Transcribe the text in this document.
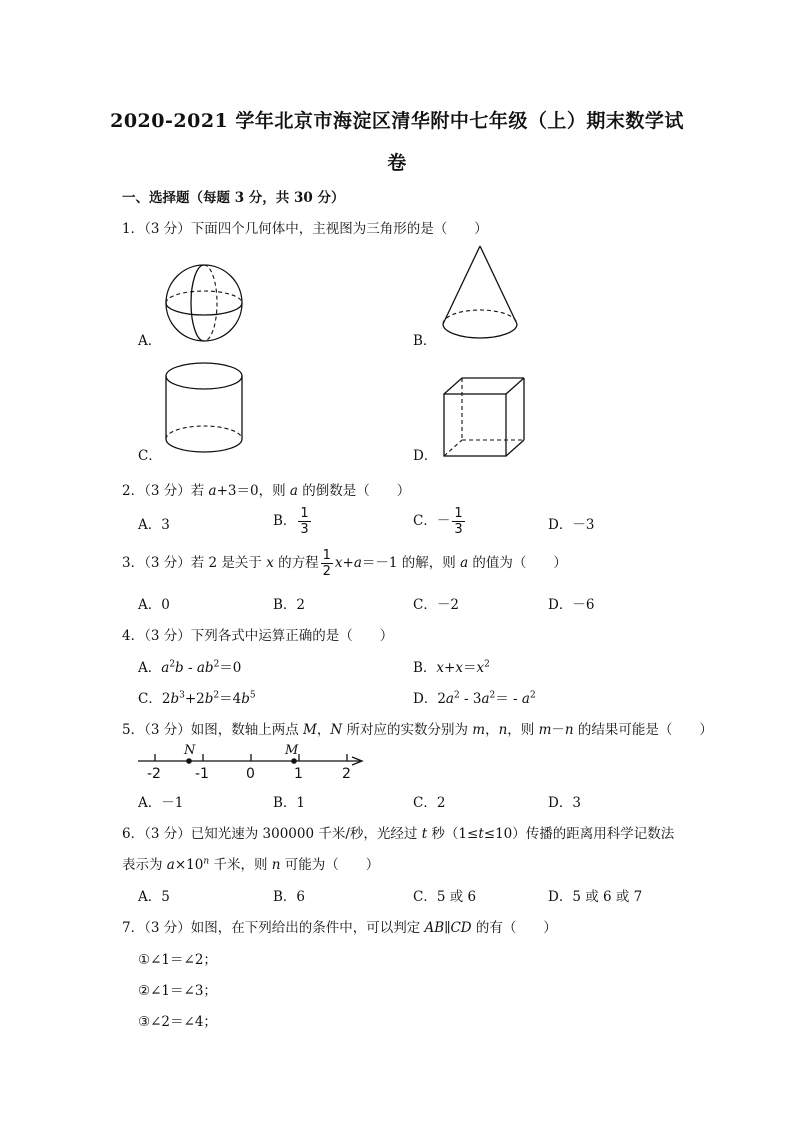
2020-2021 学年北京市海淀区清华附中七年级（上）期末数学试
卷
一、选择题（每题 3 分，共 30 分）
1．（3 分）下面四个几何体中，主视图为三角形的是（　　）
A．	B．
C．	D．
2．（3 分）若 a+3＝0，则 a 的倒数是（　　）
A．3	B． $\frac{1}{3}$	C．－ $\frac{1}{3}$	D．－3
3．（3 分）若 2 是关于 x 的方程 $\frac{1}{2} x+a=-1$ 的解，则 a 的值为（　　）
A．0	B．2	C．－2	D．－6
4．（3 分）下列各式中运算正确的是（　　）
A．$a^2b - ab^2=0$	B．$x+x=x^2$
C．$2b^3+2b^2=4b^5$	D．$2a^2 - 3a^2= - a^2$
5．（3 分）如图，数轴上两点 M，N 所对应的实数分别为 m，n，则 m－n 的结果可能是（　　）
-2 -1	0	1	2
N	M
A．－1	B．1	C．2	D．3
6．（3 分）已知光速为 300000 千米/秒，光经过 t 秒（1≤t≤10）传播的距离用科学记数法
表示为 $a\times 10^n$ 千米，则 n 可能为（　　）
A．5	B．6	C．5 或 6	D．5 或 6 或 7
7．（3 分）如图，在下列给出的条件中，可以判定 AB∥CD 的有（　　）
①∠1＝∠2；
②∠1＝∠3；
③∠2＝∠4；
